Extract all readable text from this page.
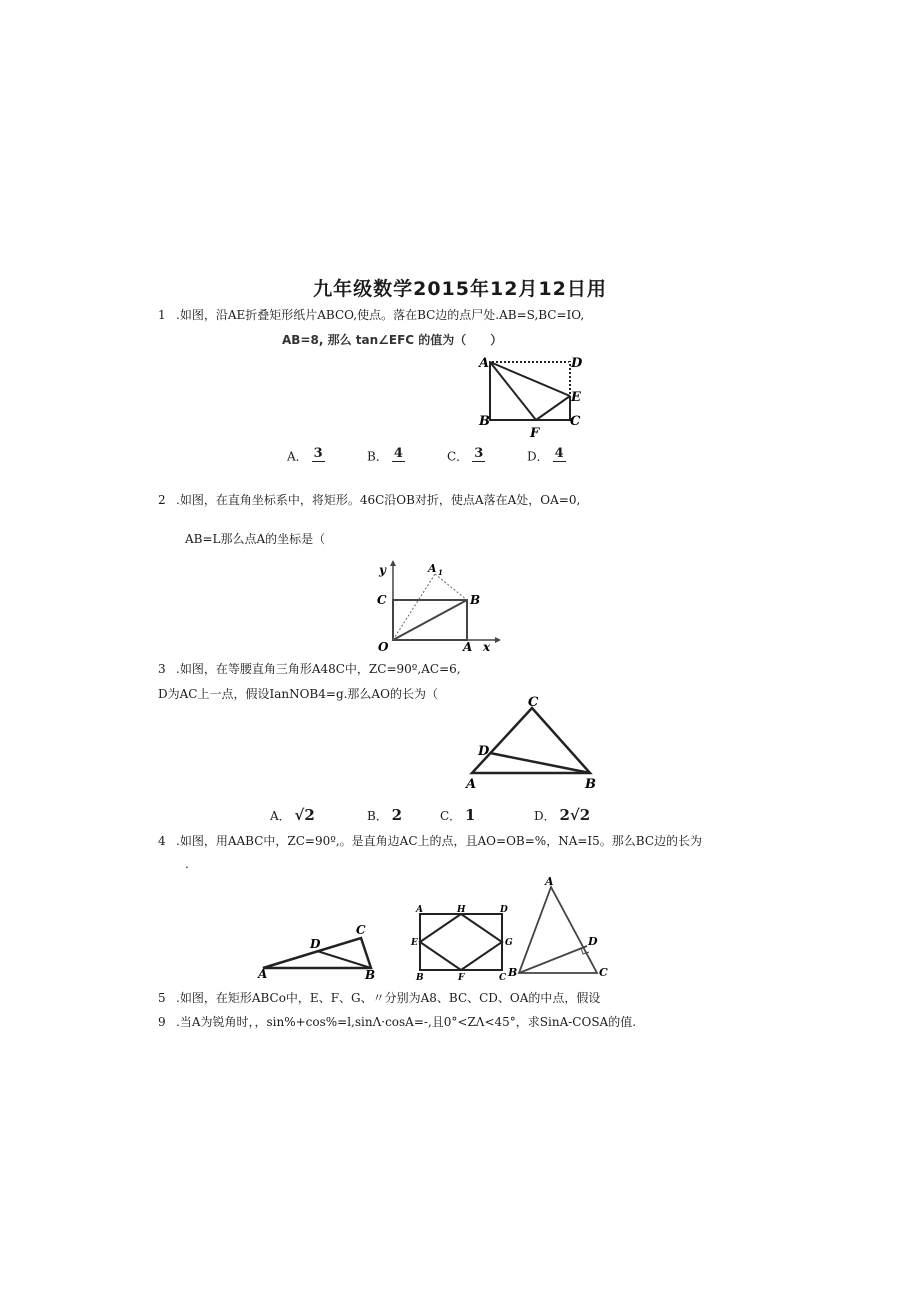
九年级数学2015年12月12日用
1 .如图，沿AE折叠矩形纸片ABCO,使点。落在BC边的点尸处.AB=S,BC=IO,
AB=8, 那么 tan∠EFC 的值为（　　）
A	D
E
B
F
C
A． 3	B． 4	C． 3	D． 4
2 .如图，在直角坐标系中，将矩形。46C沿OB对折，使点A落在A处，OA=0,
AB=L那么点A的坐标是（
y	A 1
C	B
O	A x
3 .如图，在等腰直角三角形A48C中，ZC=90º,AC=6,
D为AC上一点，假设IanNOB4=g.那么AO的长为（
C
D
A	B
A． √2	B． 2	C． 1	D． 2√2
4 .如图，用AABC中，ZC=90º,。是直角边AC上的点，且AO=OB=%，NA=I5。那么BC边的长为
.
C
D
A	B
A	H	D
E	G
B	F	C
A
D
B	C
5 .如图，在矩形ABCo中，E、F、G、〃分别为A8、BC、CD、OA的中点，假设
9 .当A为锐角时，，sin%+cos%=l,sinΛ·cosA=-,且0°<ZΛ<45°，求SinA-COSA的值.
